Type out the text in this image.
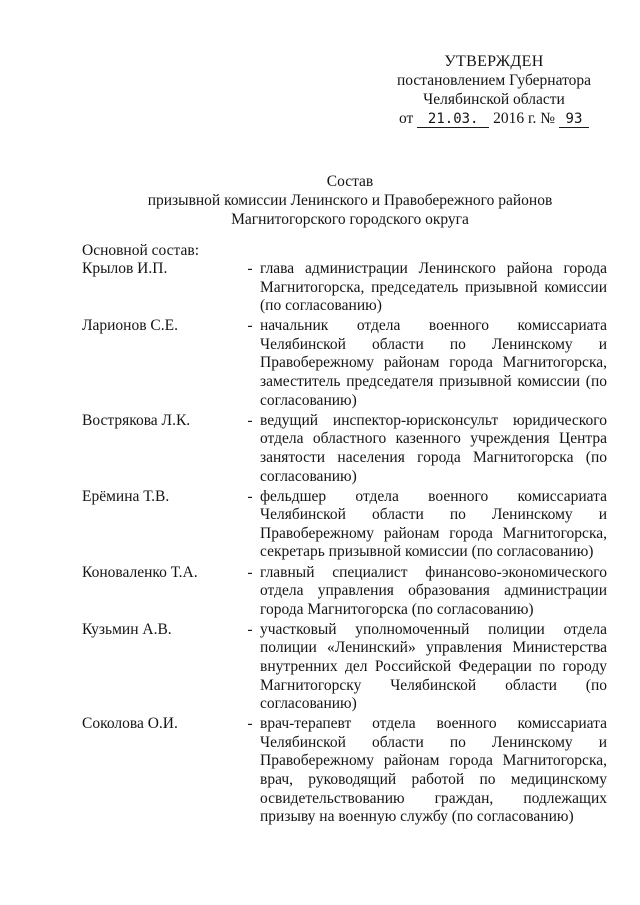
УТВЕРЖДЕН
постановлением Губернатора
Челябинской области
от 21.03. 2016 г. № 93
Состав
призывной комиссии Ленинского и Правобережного районов
Магнитогорского городского округа
Основной состав:
Крылов И.П.	- глава администрации Ленинского района города Магнитогорска, председатель призывной комиссии (по согласованию)
Ларионов С.Е.	- начальник отдела военного комиссариата Челябинской области по Ленинскому и Правобережному районам города Магнитогорска, заместитель председателя призывной комиссии (по согласованию)
Вострякова Л.К.	- ведущий инспектор-юрисконсульт юридического отдела областного казенного учреждения Центра занятости населения города Магнитогорска (по согласованию)
Ерёмина Т.В.	- фельдшер отдела военного комиссариата Челябинской области по Ленинскому и Правобережному районам города Магнитогорска, секретарь призывной комиссии (по согласованию)
Коноваленко Т.А.	- главный специалист финансово-экономического отдела управления образования администрации города Магнитогорска (по согласованию)
Кузьмин А.В.	- участковый уполномоченный полиции отдела полиции «Ленинский» управления Министерства внутренних дел Российской Федерации по городу Магнитогорску Челябинской области (по согласованию)
Соколова О.И.	- врач-терапевт отдела военного комиссариата Челябинской области по Ленинскому и Правобережному районам города Магнитогорска, врач, руководящий работой по медицинскому освидетельствованию граждан, подлежащих призыву на военную службу (по согласованию)
